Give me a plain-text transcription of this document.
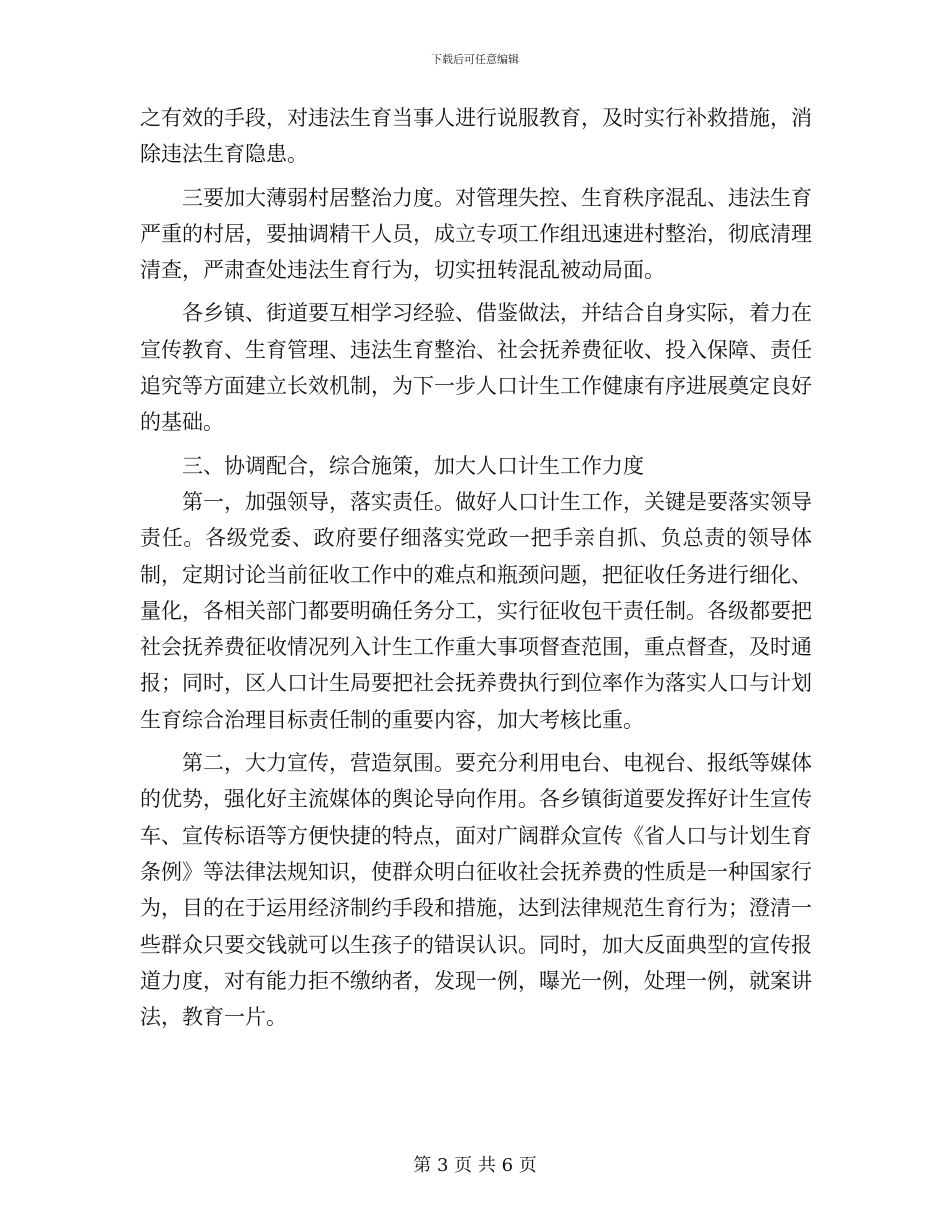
下载后可任意编辑

之有效的手段，对违法生育当事人进行说服教育，及时实行补救措施，消除违法生育隐患。

三要加大薄弱村居整治力度。对管理失控、生育秩序混乱、违法生育严重的村居，要抽调精干人员，成立专项工作组迅速进村整治，彻底清理清查，严肃查处违法生育行为，切实扭转混乱被动局面。

各乡镇、街道要互相学习经验、借鉴做法，并结合自身实际，着力在宣传教育、生育管理、违法生育整治、社会抚养费征收、投入保障、责任追究等方面建立长效机制，为下一步人口计生工作健康有序进展奠定良好的基础。

三、协调配合，综合施策，加大人口计生工作力度

第一，加强领导，落实责任。做好人口计生工作，关键是要落实领导责任。各级党委、政府要仔细落实党政一把手亲自抓、负总责的领导体制，定期讨论当前征收工作中的难点和瓶颈问题，把征收任务进行细化、量化，各相关部门都要明确任务分工，实行征收包干责任制。各级都要把社会抚养费征收情况列入计生工作重大事项督查范围，重点督查，及时通报；同时，区人口计生局要把社会抚养费执行到位率作为落实人口与计划生育综合治理目标责任制的重要内容，加大考核比重。

第二，大力宣传，营造氛围。要充分利用电台、电视台、报纸等媒体的优势，强化好主流媒体的舆论导向作用。各乡镇街道要发挥好计生宣传车、宣传标语等方便快捷的特点，面对广阔群众宣传《省人口与计划生育条例》等法律法规知识，使群众明白征收社会抚养费的性质是一种国家行为，目的在于运用经济制约手段和措施，达到法律规范生育行为；澄清一些群众只要交钱就可以生孩子的错误认识。同时，加大反面典型的宣传报道力度，对有能力拒不缴纳者，发现一例，曝光一例，处理一例，就案讲法，教育一片。

第 3 页 共 6 页
